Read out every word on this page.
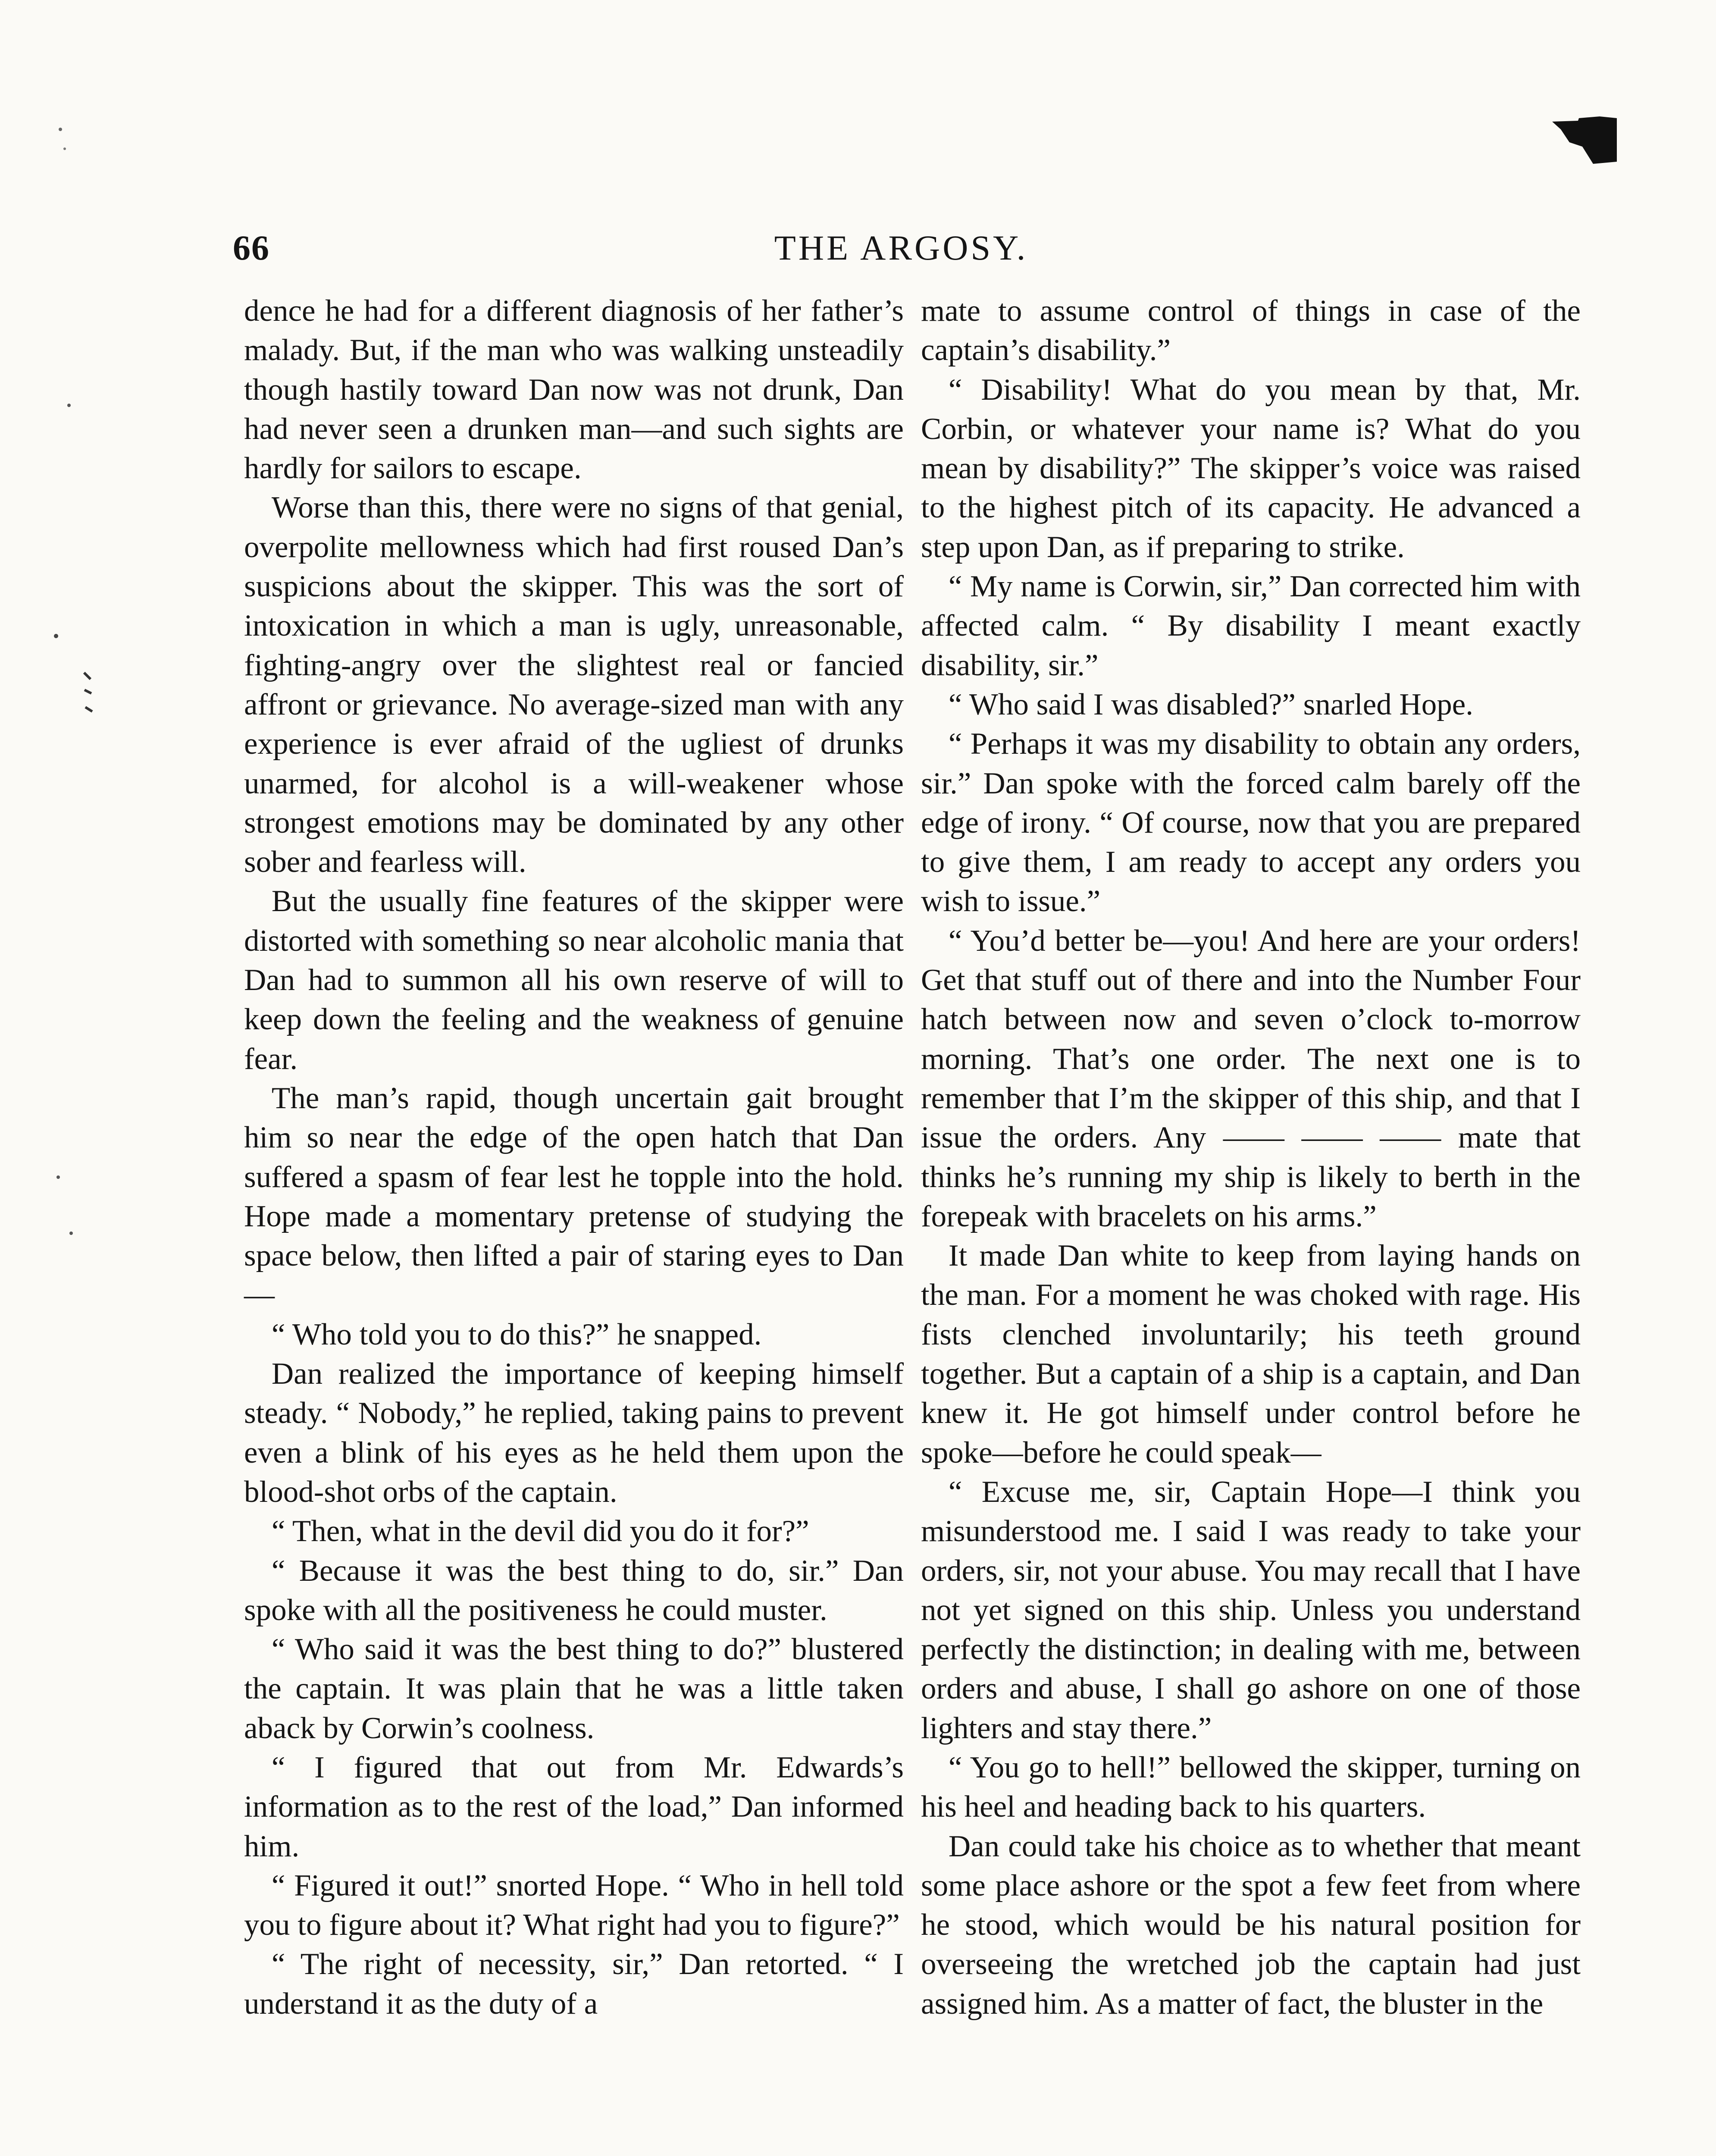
66	THE ARGOSY.

dence he had for a different diagnosis of her father’s malady. But, if the man who was walking unsteadily though hastily toward Dan now was not drunk, Dan had never seen a drunken man—and such sights are hardly for sailors to escape.

Worse than this, there were no signs of that genial, overpolite mellowness which had first roused Dan’s suspicions about the skipper. This was the sort of intoxication in which a man is ugly, unreasonable, fighting-angry over the slightest real or fancied affront or grievance. No average-sized man with any experience is ever afraid of the ugliest of drunks unarmed, for alcohol is a will-weakener whose strongest emotions may be dominated by any other sober and fearless will.

But the usually fine features of the skipper were distorted with something so near alcoholic mania that Dan had to summon all his own reserve of will to keep down the feeling and the weakness of genuine fear.

The man’s rapid, though uncertain gait brought him so near the edge of the open hatch that Dan suffered a spasm of fear lest he topple into the hold. Hope made a momentary pretense of studying the space below, then lifted a pair of staring eyes to Dan—

“ Who told you to do this?” he snapped.

Dan realized the importance of keeping himself steady. “ Nobody,” he replied, taking pains to prevent even a blink of his eyes as he held them upon the blood-shot orbs of the captain.

“ Then, what in the devil did you do it for?”

“ Because it was the best thing to do, sir.” Dan spoke with all the positiveness he could muster.

“ Who said it was the best thing to do?” blustered the captain. It was plain that he was a little taken aback by Corwin’s coolness.

“ I figured that out from Mr. Edwards’s information as to the rest of the load,” Dan informed him.

“ Figured it out!” snorted Hope. “ Who in hell told you to figure about it? What right had you to figure?”

“ The right of necessity, sir,” Dan retorted. “ I understand it as the duty of a

mate to assume control of things in case of the captain’s disability.”

“ Disability! What do you mean by that, Mr. Corbin, or whatever your name is? What do you mean by disability?” The skipper’s voice was raised to the highest pitch of its capacity. He advanced a step upon Dan, as if preparing to strike.

“ My name is Corwin, sir,” Dan corrected him with affected calm. “ By disability I meant exactly disability, sir.”

“ Who said I was disabled?” snarled Hope.

“ Perhaps it was my disability to obtain any orders, sir.” Dan spoke with the forced calm barely off the edge of irony. “ Of course, now that you are prepared to give them, I am ready to accept any orders you wish to issue.”

“ You’d better be—you! And here are your orders! Get that stuff out of there and into the Number Four hatch between now and seven o’clock to-morrow morning. That’s one order. The next one is to remember that I’m the skipper of this ship, and that I issue the orders. Any —— —— —— mate that thinks he’s running my ship is likely to berth in the forepeak with bracelets on his arms.”

It made Dan white to keep from laying hands on the man. For a moment he was choked with rage. His fists clenched involuntarily; his teeth ground together. But a captain of a ship is a captain, and Dan knew it. He got himself under control before he spoke—before he could speak—

“ Excuse me, sir, Captain Hope—I think you misunderstood me. I said I was ready to take your orders, sir, not your abuse. You may recall that I have not yet signed on this ship. Unless you understand perfectly the distinction; in dealing with me, between orders and abuse, I shall go ashore on one of those lighters and stay there.”

“ You go to hell!” bellowed the skipper, turning on his heel and heading back to his quarters.

Dan could take his choice as to whether that meant some place ashore or the spot a few feet from where he stood, which would be his natural position for overseeing the wretched job the captain had just assigned him. As a matter of fact, the bluster in the
